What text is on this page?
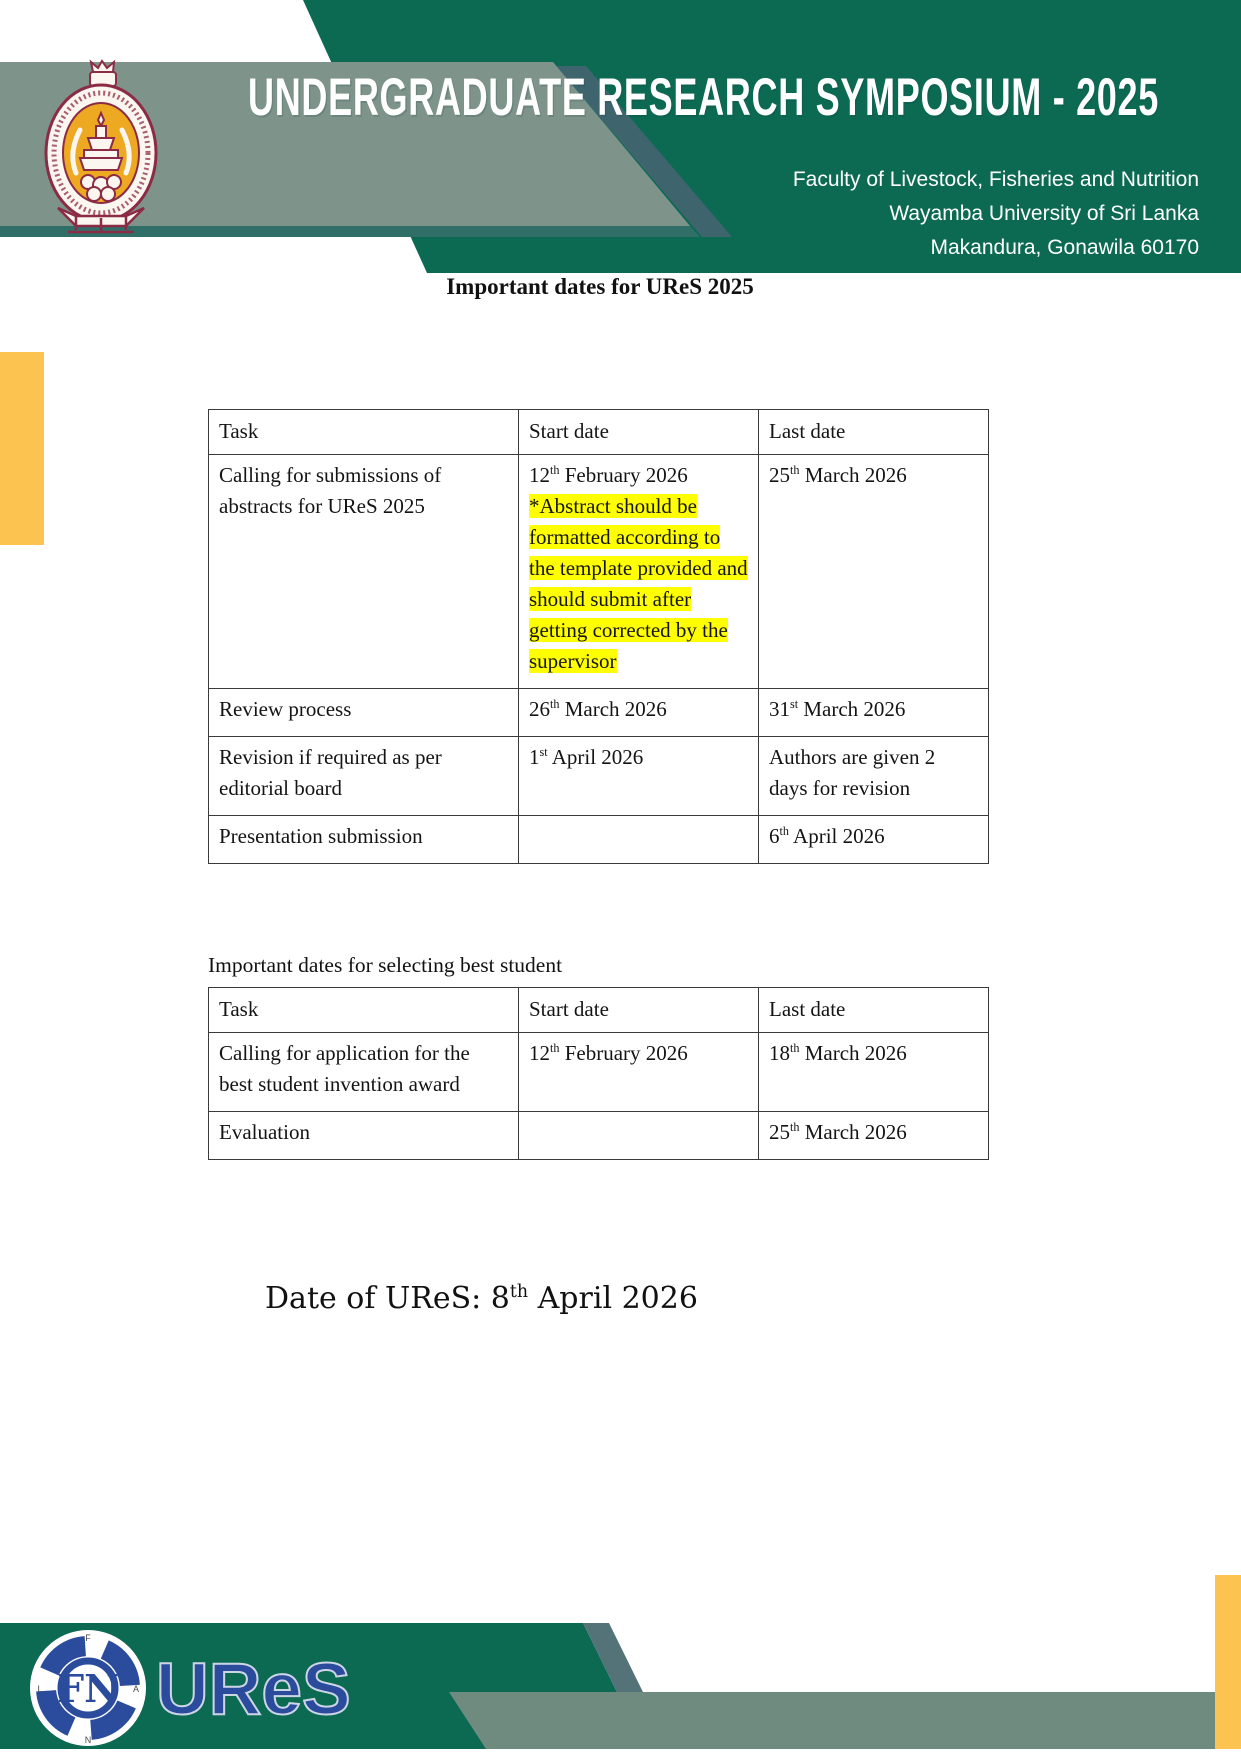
UNDERGRADUATE RESEARCH SYMPOSIUM - 2025
Faculty of Livestock, Fisheries and Nutrition
Wayamba University of Sri Lanka
Makandura, Gonawila 60170
Important dates for UReS 2025
Task	Start date	Last date
Calling for submissions of abstracts for UReS 2025	12th February 2026 *Abstract should be formatted according to the template provided and should submit after getting corrected by the supervisor	25th March 2026
Review process	26th March 2026	31st March 2026
Revision if required as per editorial board	1st April 2026	Authors are given 2 days for revision
Presentation submission		6th April 2026
Important dates for selecting best student
Task	Start date	Last date
Calling for application for the best student invention award	12th February 2026	18th March 2026
Evaluation		25th March 2026

Date of UReS: 8th April 2026

FN
F
L	A
N

UReS
